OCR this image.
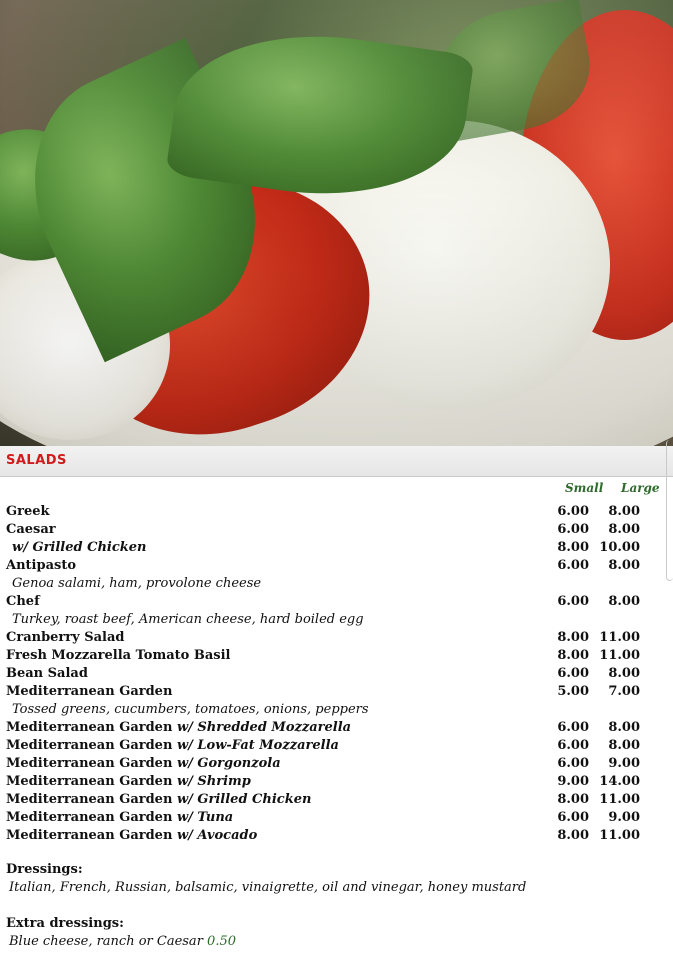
SALADS
Small Large
Greek	6.00	8.00
Caesar	6.00	8.00
w/ Grilled Chicken	8.00 10.00
Antipasto	6.00	8.00
Genoa salami, ham, provolone cheese
Chef	6.00	8.00
Turkey, roast beef, American cheese, hard boiled egg
Cranberry Salad	8.00 11.00
Fresh Mozzarella Tomato Basil	8.00 11.00
Bean Salad	6.00	8.00
Mediterranean Garden	5.00	7.00
Tossed greens, cucumbers, tomatoes, onions, peppers
Mediterranean Garden w/ Shredded Mozzarella	6.00	8.00
Mediterranean Garden w/ Low-Fat Mozzarella	6.00	8.00
Mediterranean Garden w/ Gorgonzola	6.00	9.00
Mediterranean Garden w/ Shrimp	9.00 14.00
Mediterranean Garden w/ Grilled Chicken	8.00 11.00
Mediterranean Garden w/ Tuna	6.00	9.00
Mediterranean Garden w/ Avocado	8.00 11.00
Dressings:
Italian, French, Russian, balsamic, vinaigrette, oil and vinegar, honey mustard
Extra dressings:
Blue cheese, ranch or Caesar 0.50
